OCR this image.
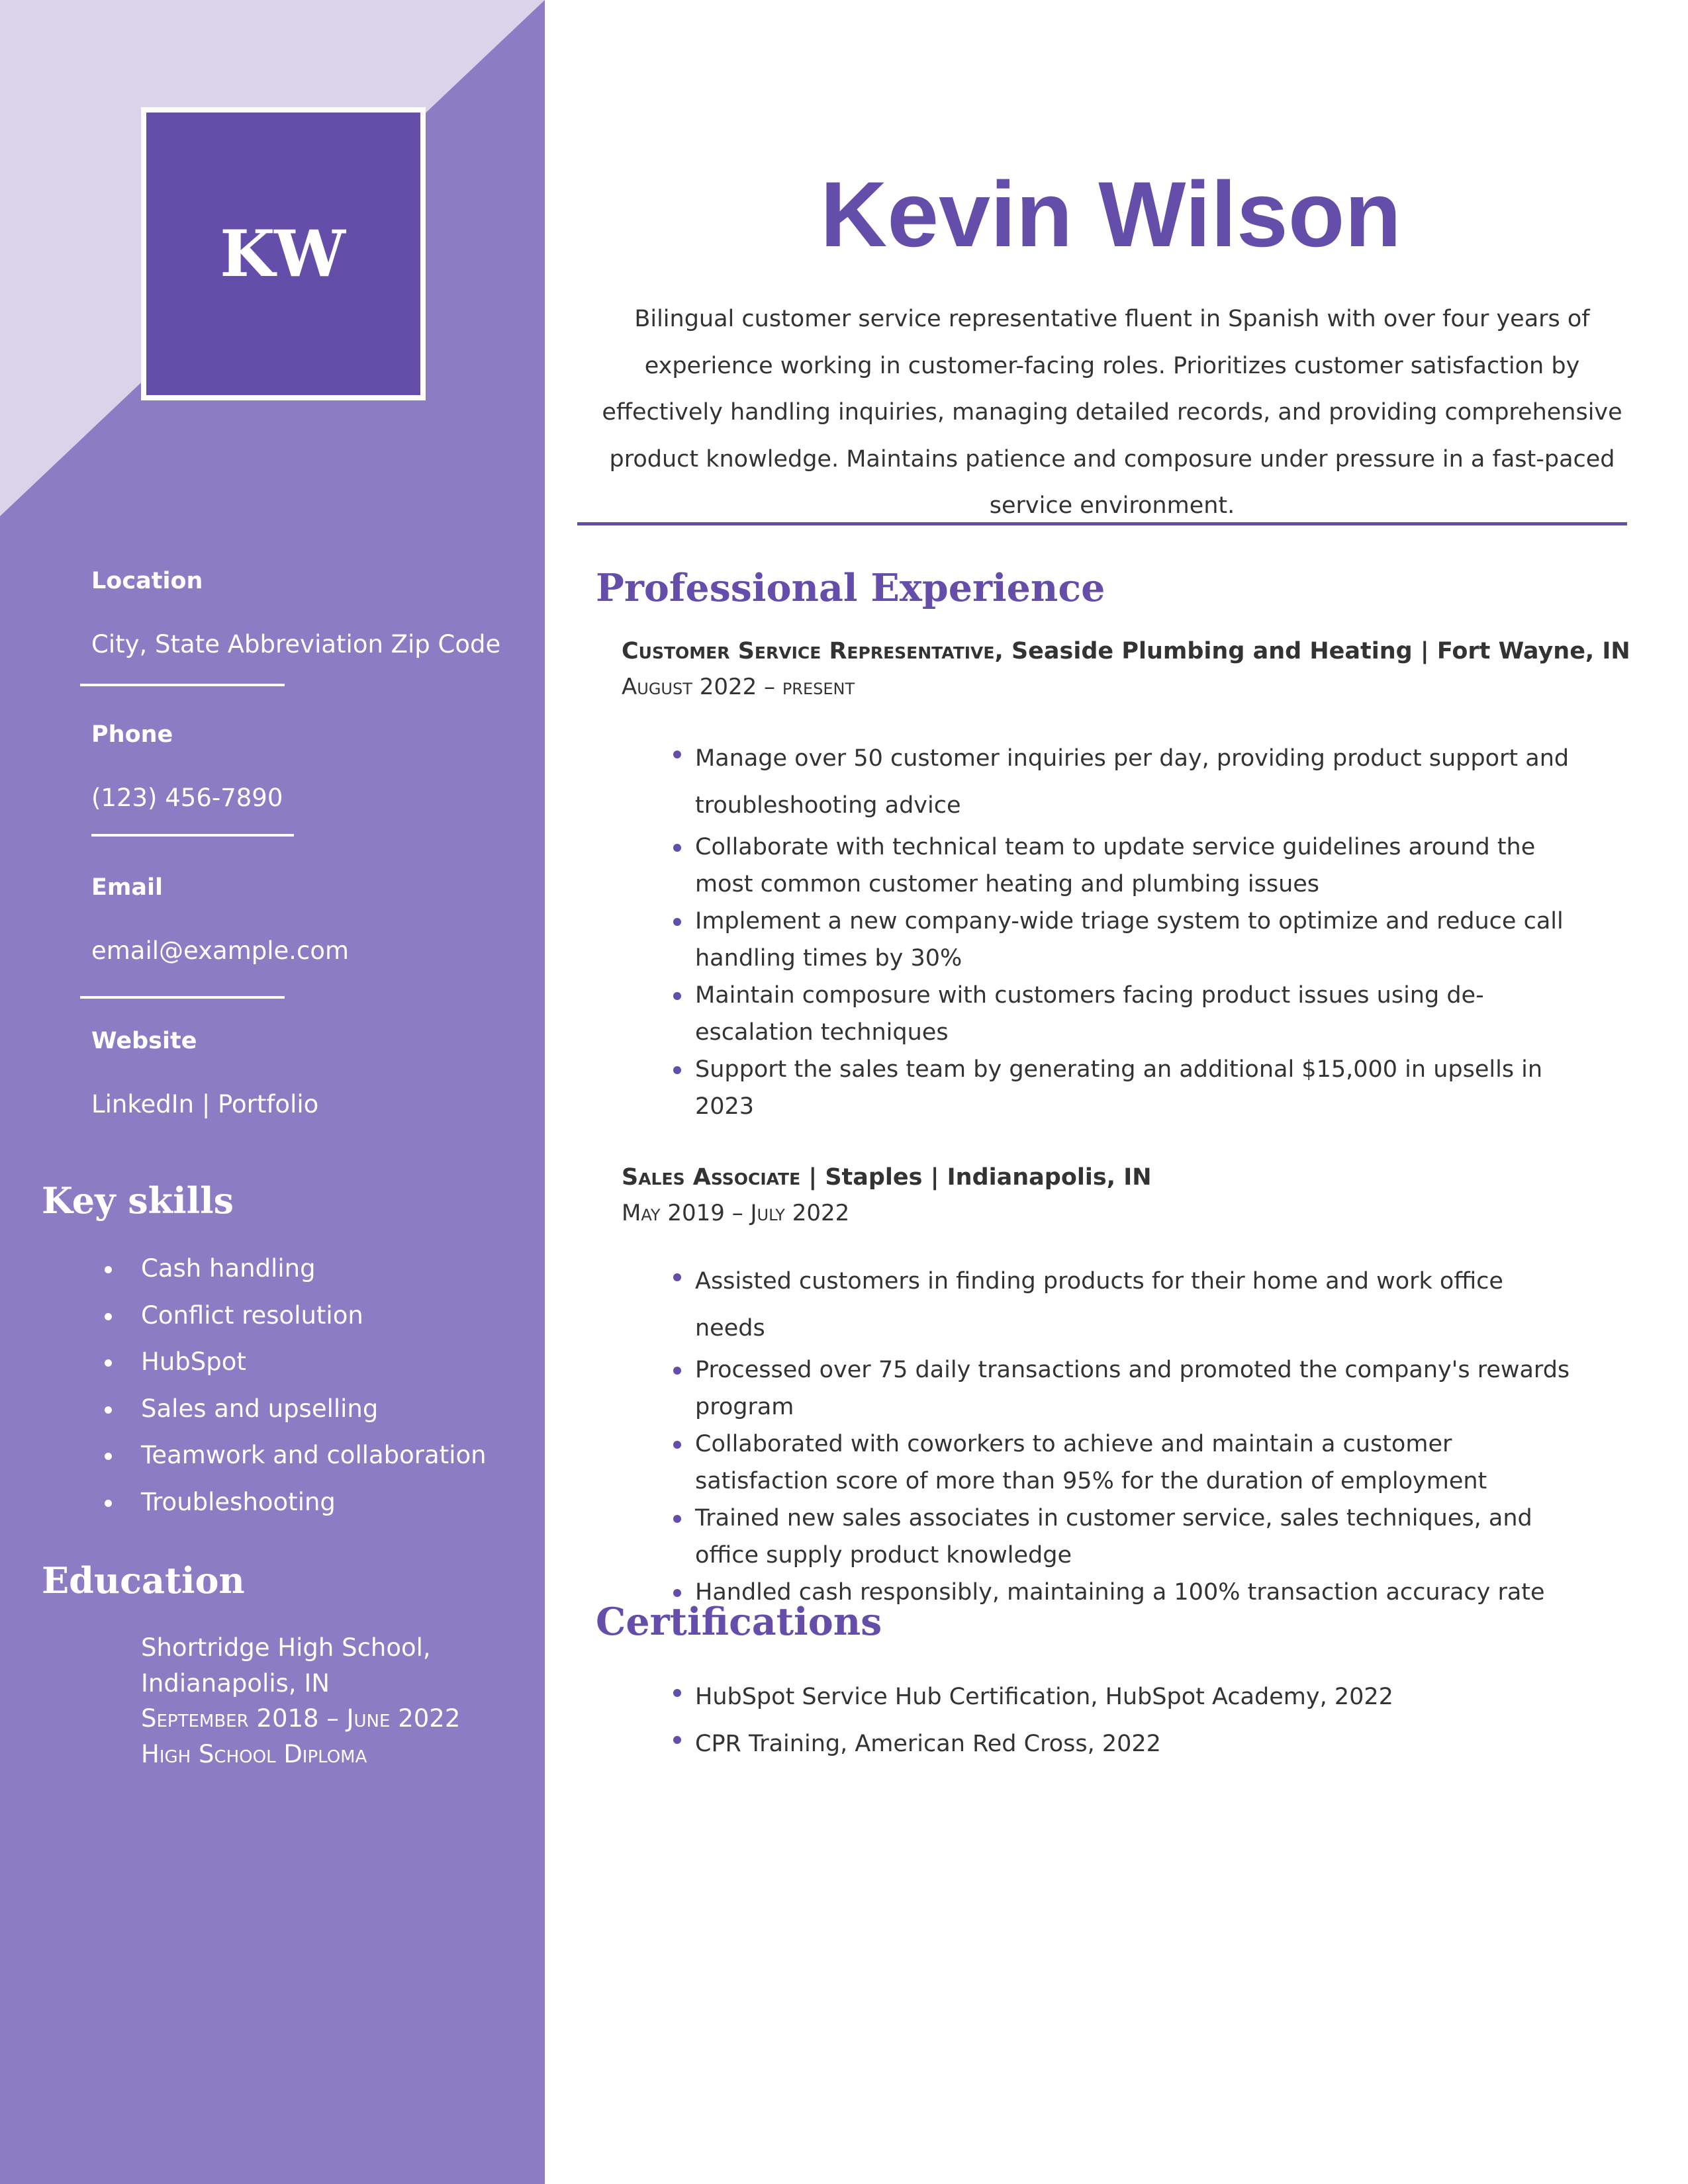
KW
Location
City, State Abbreviation Zip Code
Phone
(123) 456-7890
Email
email@example.com
Website
LinkedIn | Portfolio
Key skills
Cash handling
Conflict resolution
HubSpot
Sales and upselling
Teamwork and collaboration
Troubleshooting
Education
Shortridge High School,
Indianapolis, IN
September 2018 – June 2022
High School Diploma
Kevin Wilson

Bilingual customer service representative fluent in Spanish with over four years of experience working in customer-facing roles. Prioritizes customer satisfaction by effectively handling inquiries, managing detailed records, and providing comprehensive product knowledge. Maintains patience and composure under pressure in a fast-paced service environment.

Professional Experience
Customer Service Representative, Seaside Plumbing and Heating | Fort Wayne, IN
August 2022 – present
Manage over 50 customer inquiries per day, providing product support and troubleshooting advice
Collaborate with technical team to update service guidelines around the most common customer heating and plumbing issues
Implement a new company-wide triage system to optimize and reduce call handling times by 30%
Maintain composure with customers facing product issues using de-escalation techniques
Support the sales team by generating an additional $15,000 in upsells in 2023
Sales Associate | Staples | Indianapolis, IN
May 2019 – July 2022
Assisted customers in finding products for their home and work office needs
Processed over 75 daily transactions and promoted the company's rewards program
Collaborated with coworkers to achieve and maintain a customer satisfaction score of more than 95% for the duration of employment
Trained new sales associates in customer service, sales techniques, and office supply product knowledge
Handled cash responsibly, maintaining a 100% transaction accuracy rate
Certifications
HubSpot Service Hub Certification, HubSpot Academy, 2022
CPR Training, American Red Cross, 2022
